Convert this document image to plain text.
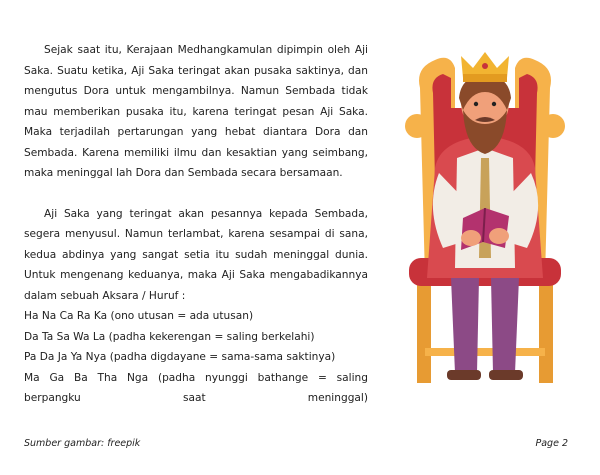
Sejak saat itu, Kerajaan Medhangkamulan dipimpin oleh Aji Saka. Suatu ketika, Aji Saka teringat akan pusaka saktinya, dan mengutus Dora untuk mengambilnya. Namun Sembada tidak mau memberikan pusaka itu, karena teringat pesan Aji Saka. Maka terjadilah pertarungan yang hebat diantara Dora dan Sembada. Karena memiliki ilmu dan kesaktian yang seimbang, maka meninggal lah Dora dan Sembada secara bersamaan.

Aji Saka yang teringat akan pesannya kepada Sembada, segera menyusul. Namun terlambat, karena sesampai di sana, kedua abdinya yang sangat setia itu sudah meninggal dunia. Untuk mengenang keduanya, maka Aji Saka mengabadikannya dalam sebuah Aksara / Huruf :

Ha Na Ca Ra Ka (ono utusan = ada utusan)
Da Ta Sa Wa La (padha kekerengan = saling berkelahi)
Pa Da Ja Ya Nya (padha digdayane = sama-sama saktinya)
Ma Ga Ba Tha Nga (padha nyunggi bathange = saling berpangku saat meninggal)
Sumber gambar: freepik	Page 2
